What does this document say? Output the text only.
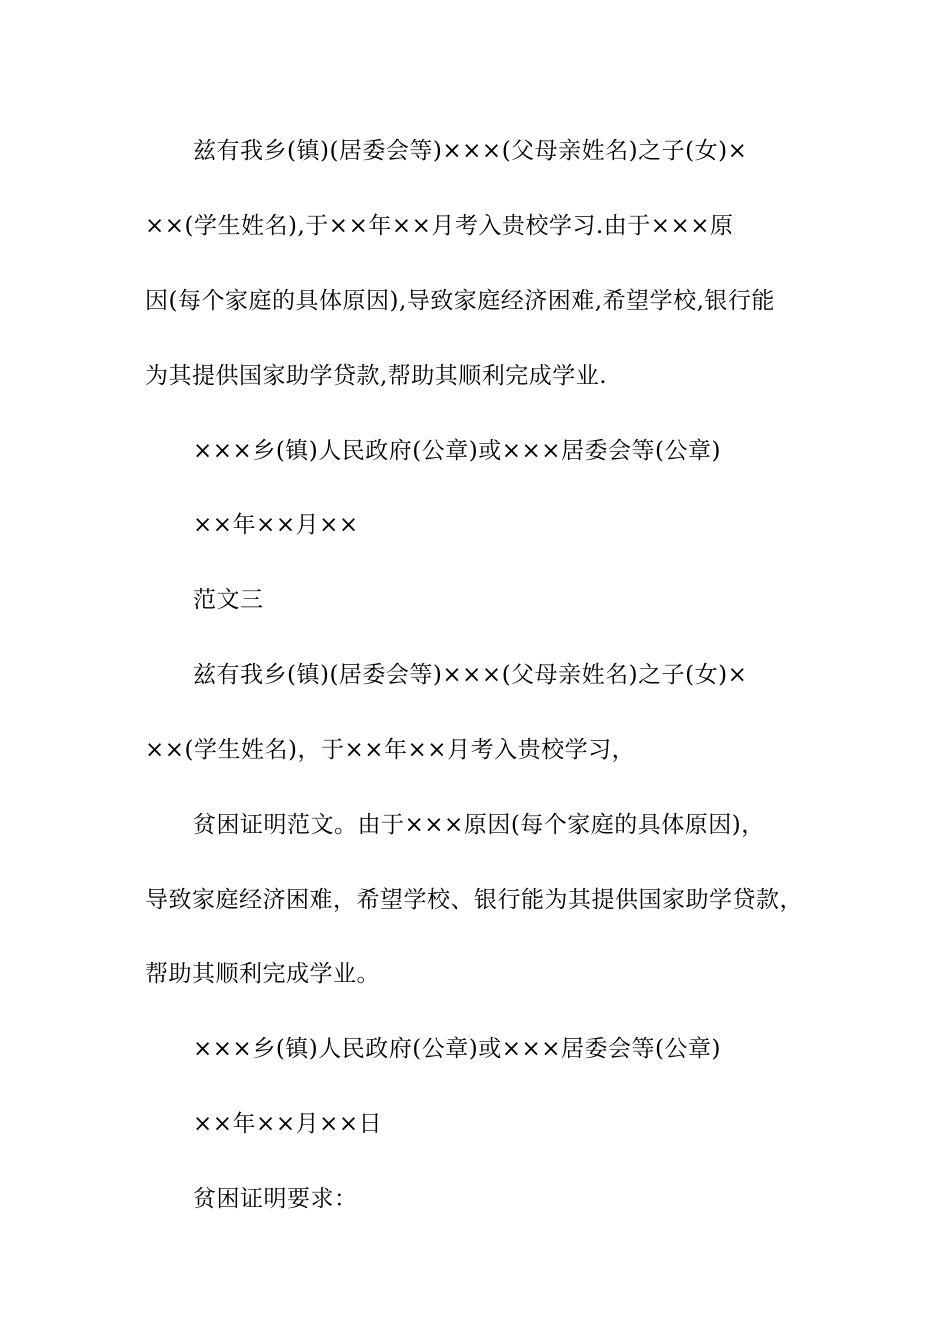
兹有我乡(镇)(居委会等)×××(父母亲姓名)之子(女)×
××(学生姓名),于××年××月考入贵校学习.由于×××原
因(每个家庭的具体原因),导致家庭经济困难,希望学校,银行能
为其提供国家助学贷款,帮助其顺利完成学业.
×××乡(镇)人民政府(公章)或×××居委会等(公章)
××年××月××
范文三
兹有我乡(镇)(居委会等)×××(父母亲姓名)之子(女)×
××(学生姓名)，于××年××月考入贵校学习，
贫困证明范文。由于×××原因(每个家庭的具体原因)，
导致家庭经济困难，希望学校、银行能为其提供国家助学贷款，
帮助其顺利完成学业。
×××乡(镇)人民政府(公章)或×××居委会等(公章)
××年××月××日
贫困证明要求：
